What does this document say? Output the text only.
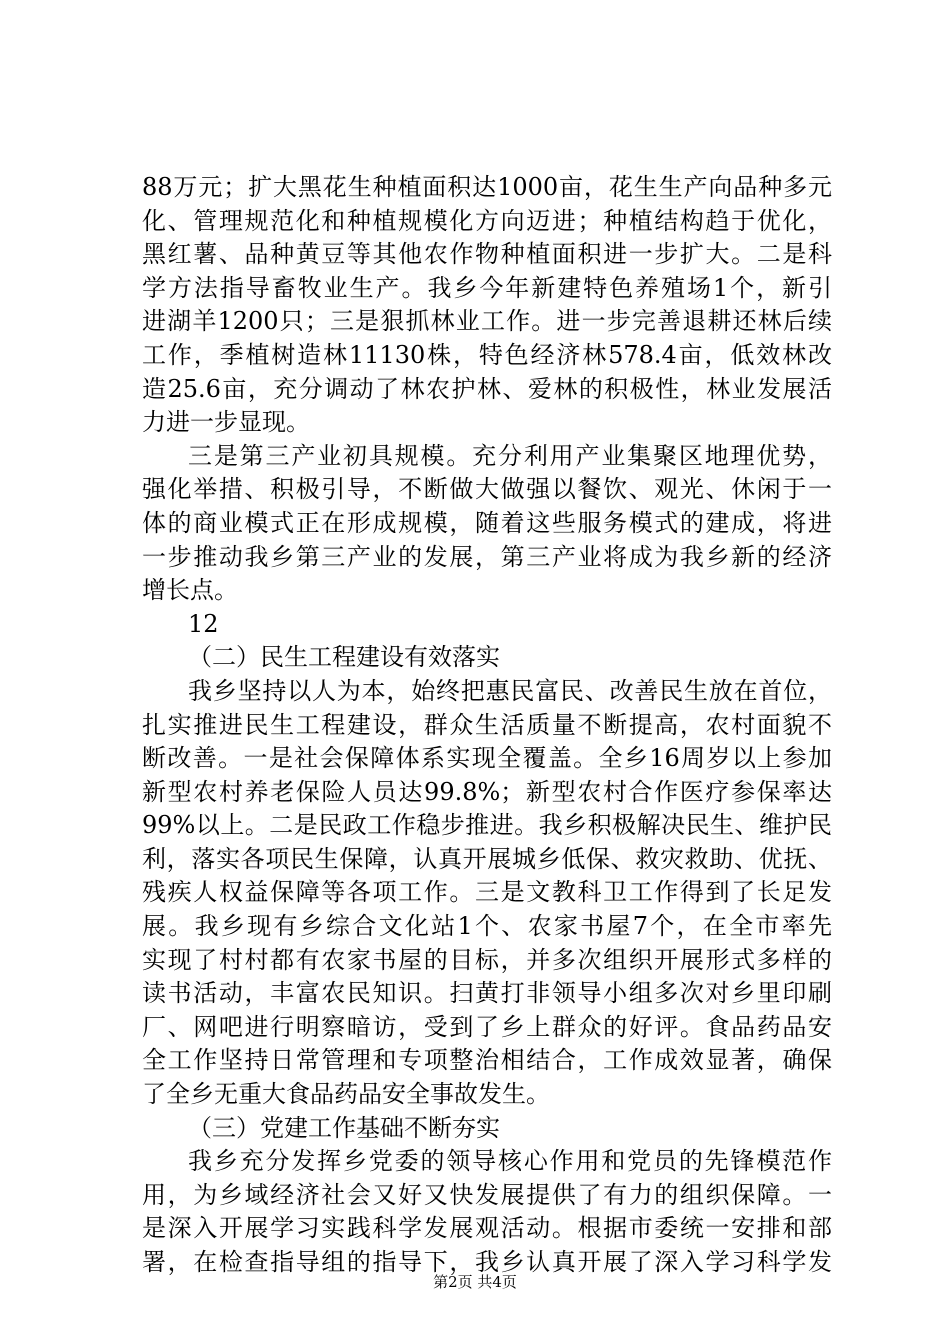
88万元；扩大黑花生种植面积达1000亩，花生生产向品种多元
化、管理规范化和种植规模化方向迈进；种植结构趋于优化，
黑红薯、品种黄豆等其他农作物种植面积进一步扩大。二是科
学方法指导畜牧业生产。我乡今年新建特色养殖场1个，新引
进湖羊1200只；三是狠抓林业工作。进一步完善退耕还林后续
工作，季植树造林11130株，特色经济林578.4亩，低效林改
造25.6亩，充分调动了林农护林、爱林的积极性，林业发展活
力进一步显现。
三是第三产业初具规模。充分利用产业集聚区地理优势，
强化举措、积极引导，不断做大做强以餐饮、观光、休闲于一
体的商业模式正在形成规模，随着这些服务模式的建成，将进
一步推动我乡第三产业的发展，第三产业将成为我乡新的经济
增长点。
12
（二）民生工程建设有效落实
我乡坚持以人为本，始终把惠民富民、改善民生放在首位，
扎实推进民生工程建设，群众生活质量不断提高，农村面貌不
断改善。一是社会保障体系实现全覆盖。全乡16周岁以上参加
新型农村养老保险人员达99.8%；新型农村合作医疗参保率达
99%以上。二是民政工作稳步推进。我乡积极解决民生、维护民
利，落实各项民生保障，认真开展城乡低保、救灾救助、优抚、
残疾人权益保障等各项工作。三是文教科卫工作得到了长足发
展。我乡现有乡综合文化站1个、农家书屋7个，在全市率先
实现了村村都有农家书屋的目标，并多次组织开展形式多样的
读书活动，丰富农民知识。扫黄打非领导小组多次对乡里印刷
厂、网吧进行明察暗访，受到了乡上群众的好评。食品药品安
全工作坚持日常管理和专项整治相结合，工作成效显著，确保
了全乡无重大食品药品安全事故发生。
（三）党建工作基础不断夯实
我乡充分发挥乡党委的领导核心作用和党员的先锋模范作
用，为乡域经济社会又好又快发展提供了有力的组织保障。一
是深入开展学习实践科学发展观活动。根据市委统一安排和部
署，在检查指导组的指导下，我乡认真开展了深入学习科学发
第2页 共4页
